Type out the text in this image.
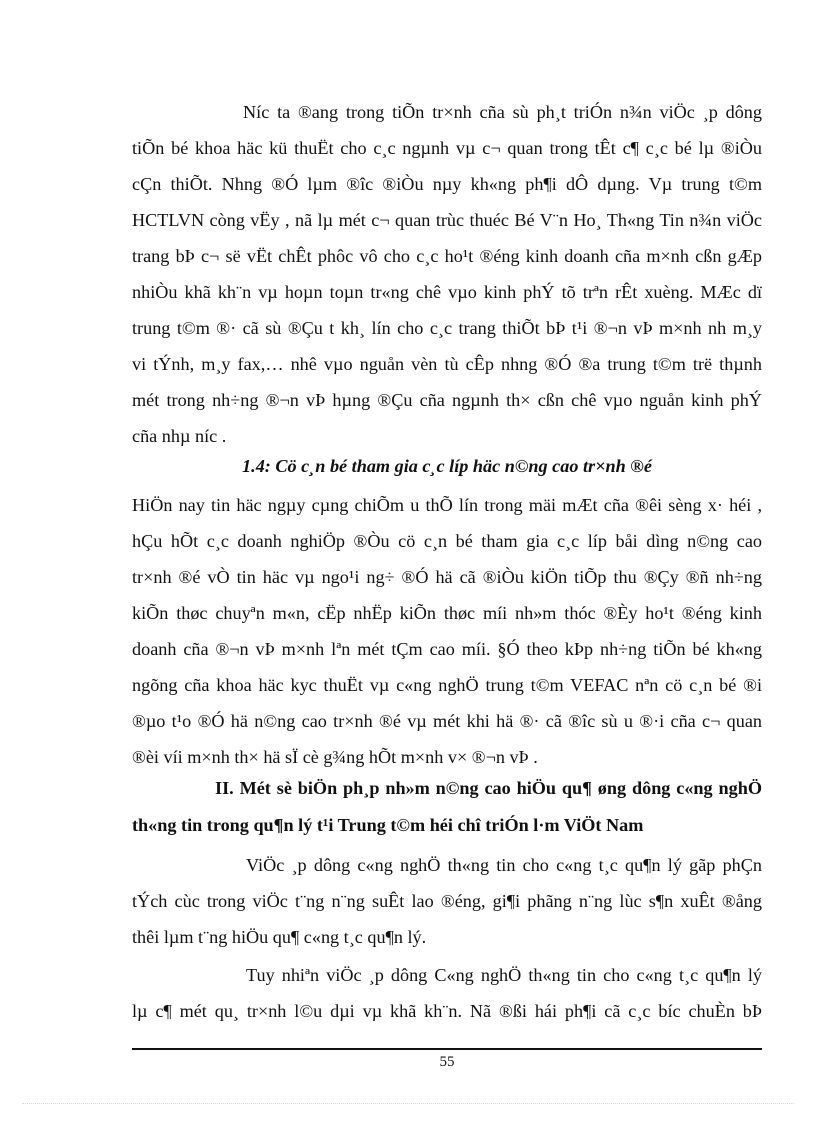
Níc ta ®ang trong tiÕn tr×nh cña sù ph¸t triÓn n¾n viÖc ¸p dông
tiÕn bé khoa häc kü thuËt cho c¸c ngµnh vµ c¬ quan trong tÊt c¶ c¸c bé lµ ®iÒu
cÇn thiÕt. Nhng ®Ó lµm ®îc ®iÒu nµy kh«ng ph¶i dÔ dµng. Vµ trung t©m
HCTLVN còng vËy , nã lµ mét c¬ quan trùc thuéc Bé V¨n Ho¸ Th«ng Tin n¾n viÖc
trang bÞ c¬ së vËt chÊt phôc vô cho c¸c ho¹t ®éng kinh doanh cña m×nh cßn gÆp
nhiÒu khã kh¨n vµ hoµn toµn tr«ng chê vµo kinh phÝ tõ trªn rÊt xuèng. MÆc dï
trung t©m ®· cã sù ®Çu t kh¸ lín cho c¸c trang thiÕt bÞ t¹i ®¬n vÞ m×nh nh m¸y
vi tÝnh, m¸y fax,… nhê vµo nguån vèn tù cÊp nhng ®Ó ®a trung t©m trë thµnh
mét trong nh÷ng ®¬n vÞ hµng ®Çu cña ngµnh th× cßn chê vµo nguån kinh phÝ
cña nhµ níc .
1.4: Cö c¸n bé tham gia c¸c líp häc n©ng cao tr×nh ®é
HiÖn nay tin häc ngµy cµng chiÕm u thÕ lín trong mäi mÆt cña ®êi sèng x· héi ,
hÇu hÕt c¸c doanh nghiÖp ®Òu cö c¸n bé tham gia c¸c líp båi dìng n©ng cao
tr×nh ®é vÒ tin häc vµ ngo¹i ng÷ ®Ó hä cã ®iÒu kiÖn tiÕp thu ®Çy ®ñ nh÷ng
kiÕn thøc chuyªn m«n, cËp nhËp kiÕn thøc míi nh»m thóc ®Èy ho¹t ®éng kinh
doanh cña ®¬n vÞ m×nh lªn mét tÇm cao míi. §Ó theo kÞp nh÷ng tiÕn bé kh«ng
ngõng cña khoa häc kyc thuËt vµ c«ng nghÖ trung t©m VEFAC nªn cö c¸n bé ®i
®µo t¹o ®Ó hä n©ng cao tr×nh ®é vµ mét khi hä ®· cã ®îc sù u ®·i cña c¬ quan
®èi víi m×nh th× hä sÏ cè g¾ng hÕt m×nh v× ®¬n vÞ .
II. Mét sè biÖn ph¸p nh»m n©ng cao hiÖu qu¶ øng dông c«ng nghÖ
th«ng tin trong qu¶n lý t¹i Trung t©m héi chî triÓn l·m ViÖt Nam
ViÖc ¸p dông c«ng nghÖ th«ng tin cho c«ng t¸c qu¶n lý gãp phÇn
tÝch cùc trong viÖc t¨ng n¨ng suÊt lao ®éng, gi¶i phãng n¨ng lùc s¶n xuÊt ®ång
thêi lµm t¨ng hiÖu qu¶ c«ng t¸c qu¶n lý.
Tuy nhiªn viÖc ¸p dông C«ng nghÖ th«ng tin cho c«ng t¸c qu¶n lý
lµ c¶ mét qu¸ tr×nh l©u dµi vµ khã kh¨n. Nã ®ßi hái ph¶i cã c¸c bíc chuÈn bÞ
55
